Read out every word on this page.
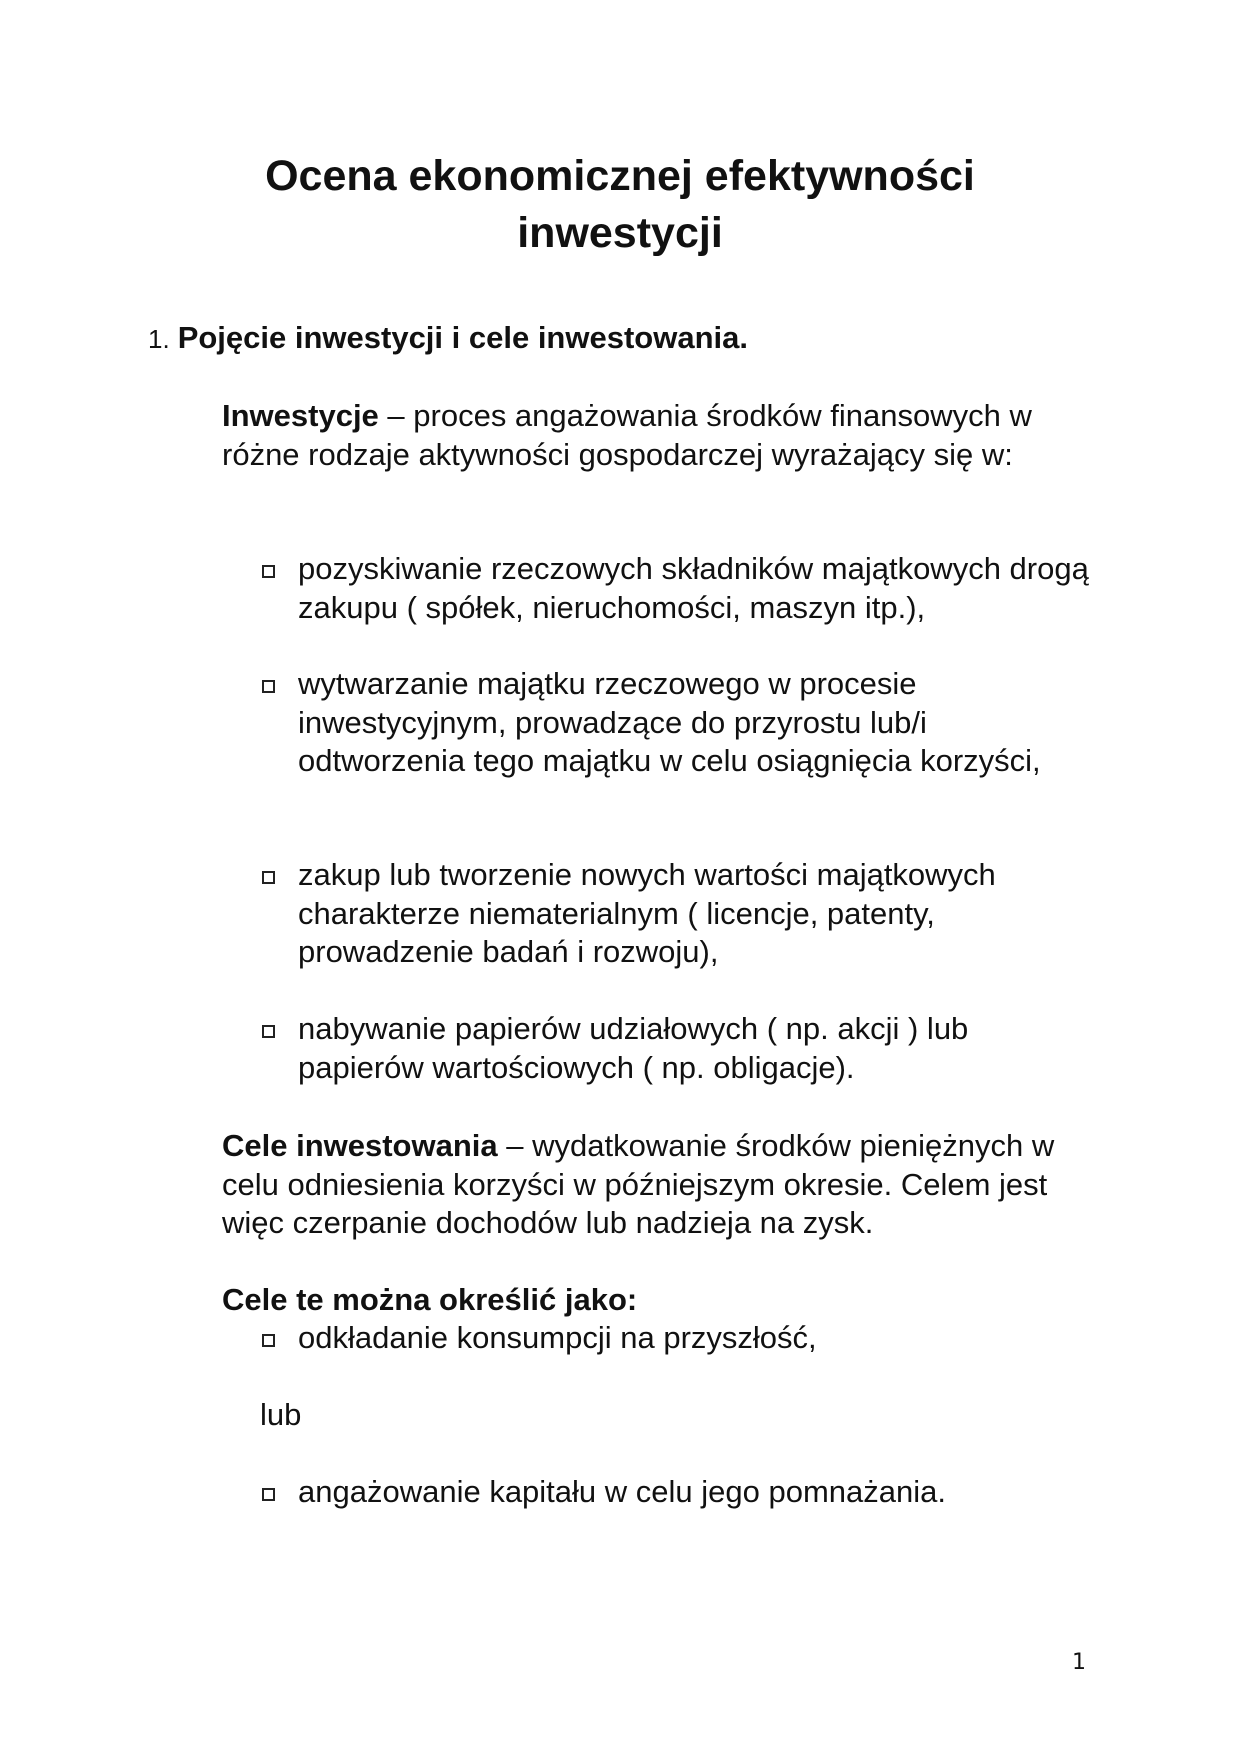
Ocena ekonomicznej efektywności
inwestycji
1. Pojęcie inwestycji i cele inwestowania.

Inwestycje – proces angażowania środków finansowych w różne rodzaje aktywności gospodarczej wyrażający się w:

pozyskiwanie rzeczowych składników majątkowych drogą zakupu ( spółek, nieruchomości, maszyn itp.),
wytwarzanie majątku rzeczowego w procesie inwestycyjnym, prowadzące do przyrostu lub/i odtworzenia tego majątku w celu osiągnięcia korzyści,
zakup lub tworzenie nowych wartości majątkowych charakterze niematerialnym ( licencje, patenty, prowadzenie badań i rozwoju),
nabywanie papierów udziałowych ( np. akcji ) lub papierów wartościowych ( np. obligacje).

Cele inwestowania – wydatkowanie środków pieniężnych w celu odniesienia korzyści w późniejszym okresie. Celem jest więc czerpanie dochodów lub nadzieja na zysk.

Cele te można określić jako:

odkładanie konsumpcji na przyszłość,

lub

angażowanie kapitału w celu jego pomnażania.
1
